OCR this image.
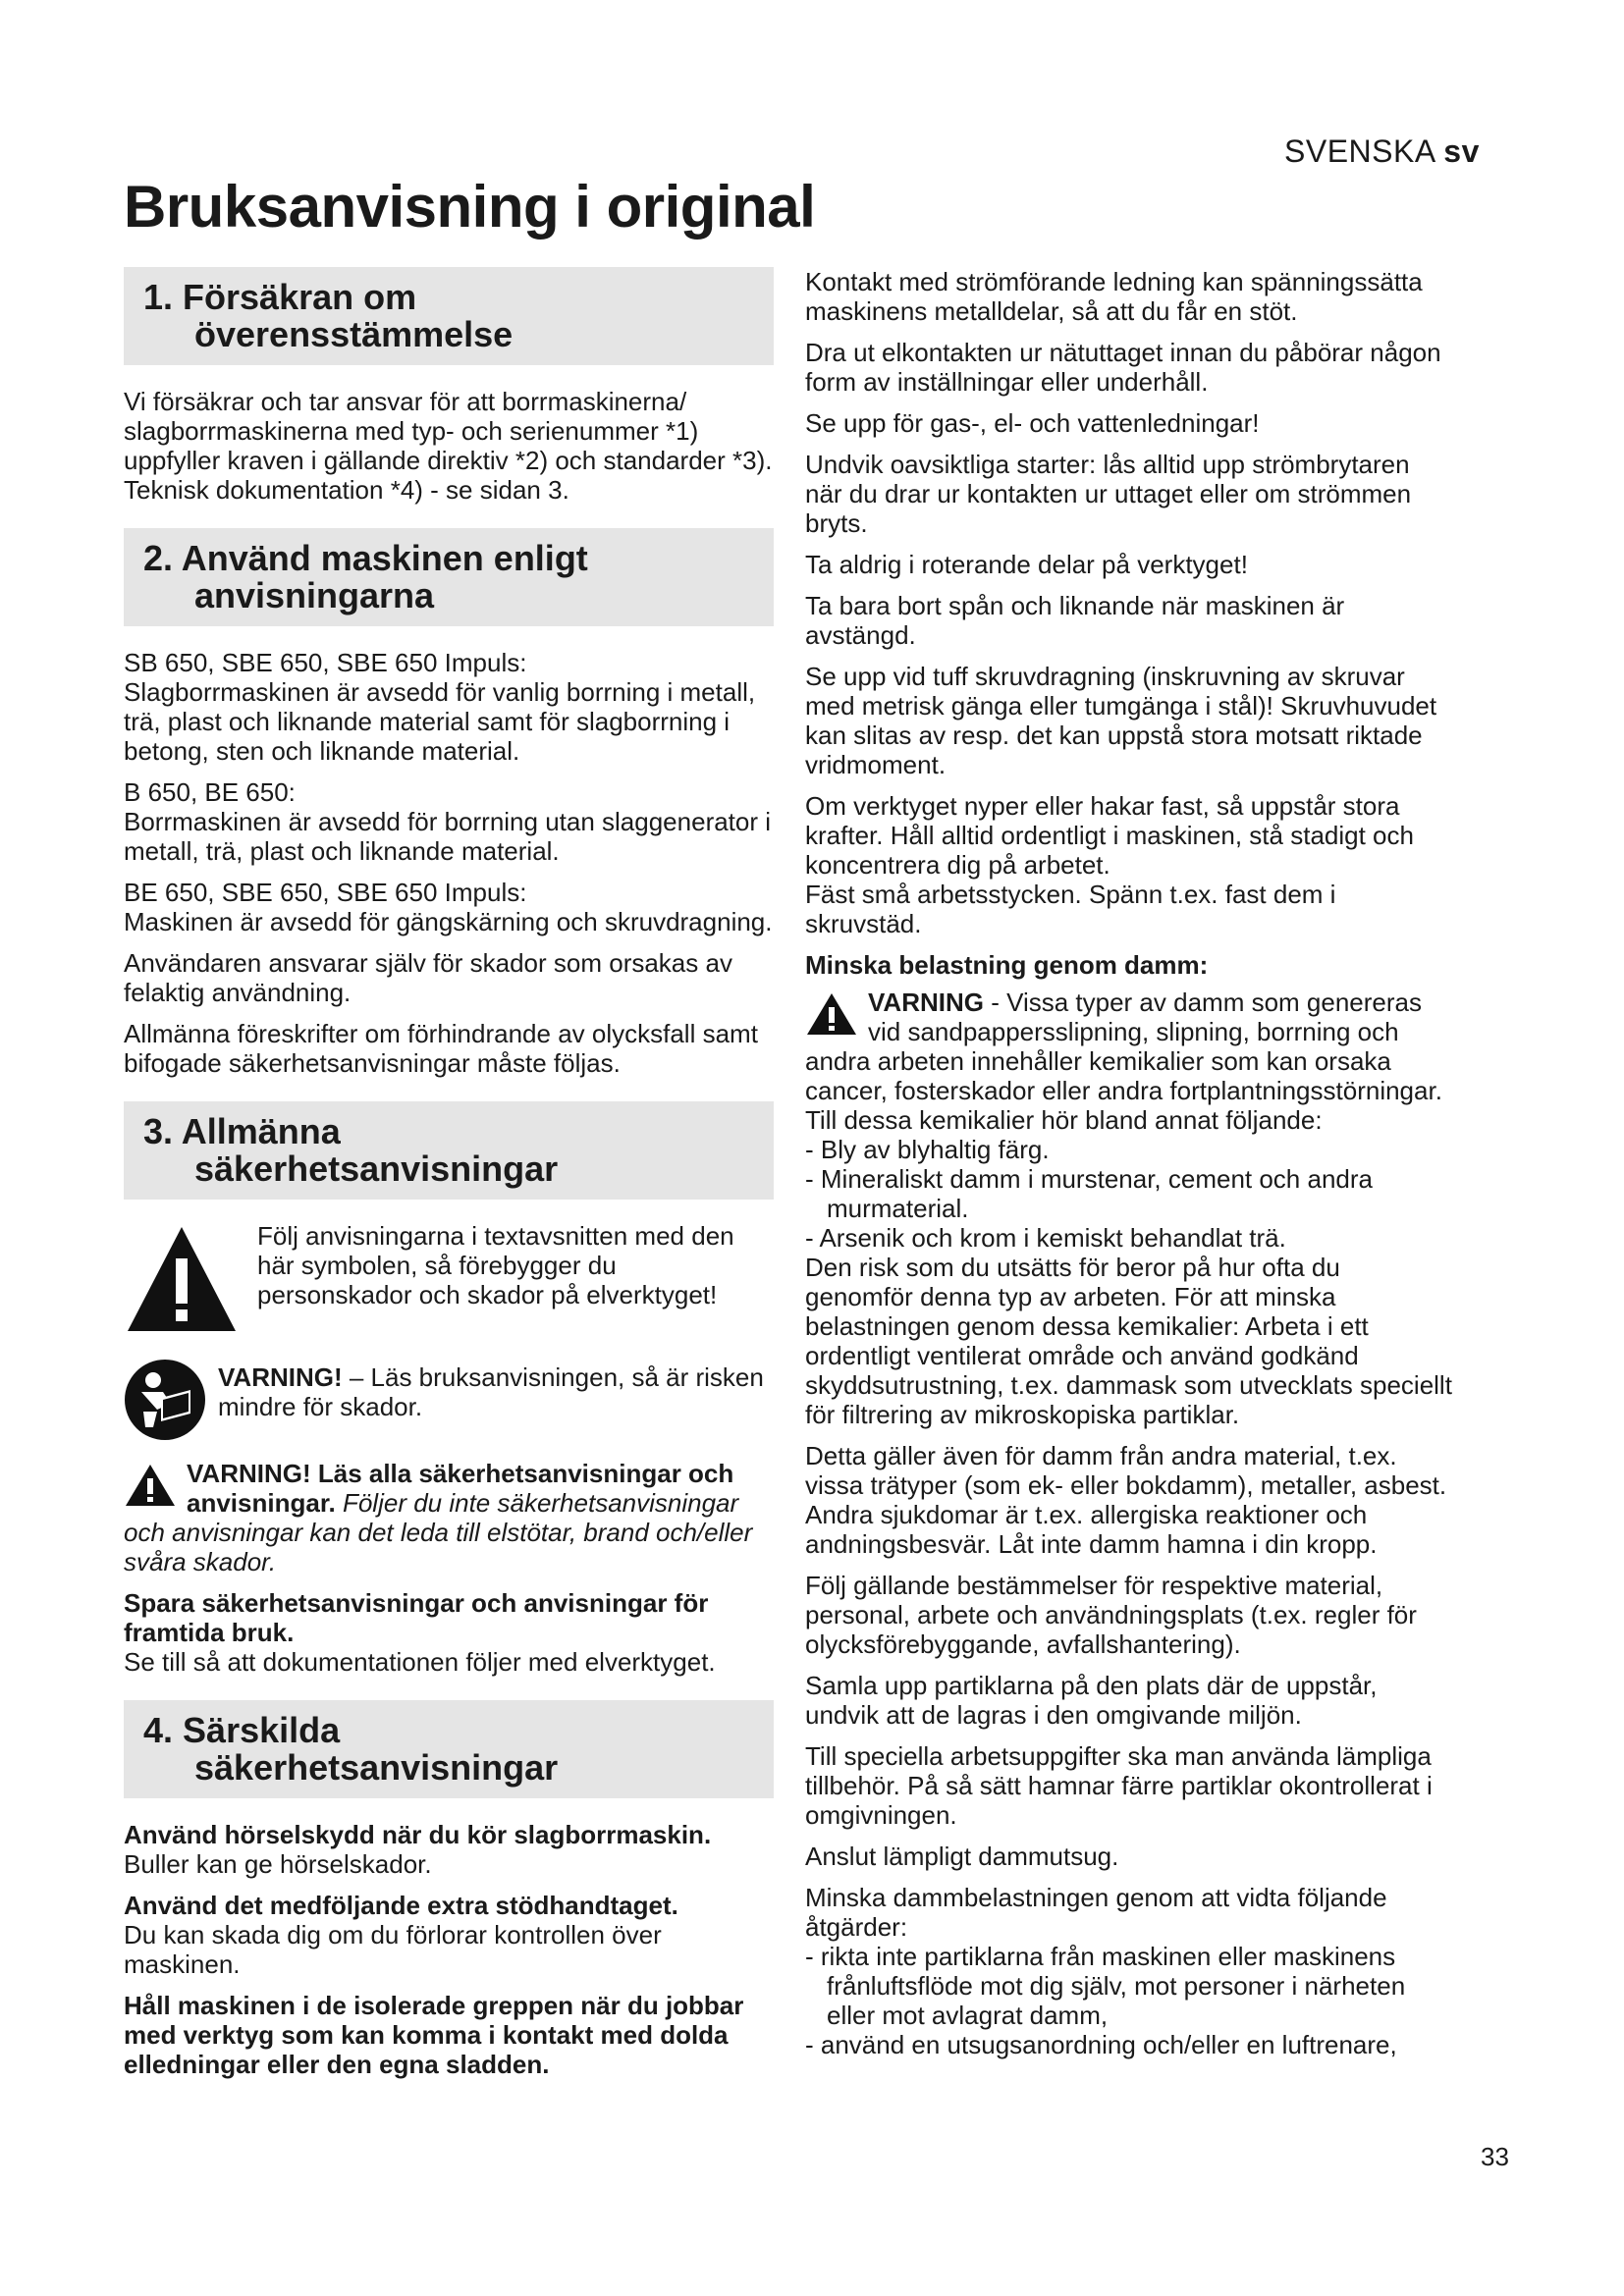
SVENSKA sv
Bruksanvisning i original
1. Försäkran om
överensstämmelse

Vi försäkrar och tar ansvar för att borrmaskinerna/ slagborrmaskinerna med typ- och serienummer *1) uppfyller kraven i gällande direktiv *2) och standarder *3). Teknisk dokumentation *4) - se sidan 3.

2. Använd maskinen enligt
anvisningarna

SB 650, SBE 650, SBE 650 Impuls:
Slagborrmaskinen är avsedd för vanlig borrning i metall, trä, plast och liknande material samt för slagborrning i betong, sten och liknande material.

B 650, BE 650:
Borrmaskinen är avsedd för borrning utan slaggenerator i metall, trä, plast och liknande material.

BE 650, SBE 650, SBE 650 Impuls:
Maskinen är avsedd för gängskärning och skruvdragning.

Användaren ansvarar själv för skador som orsakas av felaktig användning.

Allmänna föreskrifter om förhindrande av olycksfall samt bifogade säkerhetsanvisningar måste följas.

3. Allmänna
säkerhetsanvisningar

Följ anvisningarna i textavsnitten med den här symbolen, så förebygger du personskador och skador på elverktyget!

VARNING! – Läs bruksanvisningen, så är risken mindre för skador.

VARNING! Läs alla säkerhetsanvisningar och anvisningar. Följer du inte säkerhetsanvisningar och anvisningar kan det leda till elstötar, brand och/eller svåra skador.

Spara säkerhetsanvisningar och anvisningar för framtida bruk.
Se till så att dokumentationen följer med elverktyget.

4. Särskilda
säkerhetsanvisningar

Använd hörselskydd när du kör slagborrmaskin. Buller kan ge hörselskador.

Använd det medföljande extra stödhandtaget.
Du kan skada dig om du förlorar kontrollen över maskinen.

Håll maskinen i de isolerade greppen när du jobbar med verktyg som kan komma i kontakt med dolda elledningar eller den egna sladden.

Kontakt med strömförande ledning kan spänningssätta maskinens metalldelar, så att du får en stöt.

Dra ut elkontakten ur nätuttaget innan du påbörar någon form av inställningar eller underhåll.

Se upp för gas-, el- och vattenledningar!

Undvik oavsiktliga starter: lås alltid upp strömbrytaren när du drar ur kontakten ur uttaget eller om strömmen bryts.

Ta aldrig i roterande delar på verktyget!

Ta bara bort spån och liknande när maskinen är avstängd.

Se upp vid tuff skruvdragning (inskruvning av skruvar med metrisk gänga eller tumgänga i stål)! Skruvhuvudet kan slitas av resp. det kan uppstå stora motsatt riktade vridmoment.

Om verktyget nyper eller hakar fast, så uppstår stora krafter. Håll alltid ordentligt i maskinen, stå stadigt och koncentrera dig på arbetet.

Fäst små arbetsstycken. Spänn t.ex. fast dem i skruvstäd.

Minska belastning genom damm:

VARNING - Vissa typer av damm som genereras vid sandpappersslipning, slipning, borrning och andra arbeten innehåller kemikalier som kan orsaka cancer, fosterskador eller andra fortplantningsstörningar. Till dessa kemikalier hör bland annat följande:

- Bly av blyhaltig färg.
- Mineraliskt damm i murstenar, cement och andra murmaterial.
- Arsenik och krom i kemiskt behandlat trä.

Den risk som du utsätts för beror på hur ofta du genomför denna typ av arbeten. För att minska belastningen genom dessa kemikalier: Arbeta i ett ordentligt ventilerat område och använd godkänd skyddsutrustning, t.ex. dammask som utvecklats speciellt för filtrering av mikroskopiska partiklar.

Detta gäller även för damm från andra material, t.ex. vissa trätyper (som ek- eller bokdamm), metaller, asbest. Andra sjukdomar är t.ex. allergiska reaktioner och andningsbesvär. Låt inte damm hamna i din kropp.

Följ gällande bestämmelser för respektive material, personal, arbete och användningsplats (t.ex. regler för olycksförebyggande, avfallshantering).

Samla upp partiklarna på den plats där de uppstår, undvik att de lagras i den omgivande miljön.

Till speciella arbetsuppgifter ska man använda lämpliga tillbehör. På så sätt hamnar färre partiklar okontrollerat i omgivningen.

Anslut lämpligt dammutsug.

Minska dammbelastningen genom att vidta följande åtgärder:

- rikta inte partiklarna från maskinen eller maskinens frånluftsflöde mot dig själv, mot personer i närheten eller mot avlagrat damm,
- använd en utsugsanordning och/eller en luftrenare,
33
